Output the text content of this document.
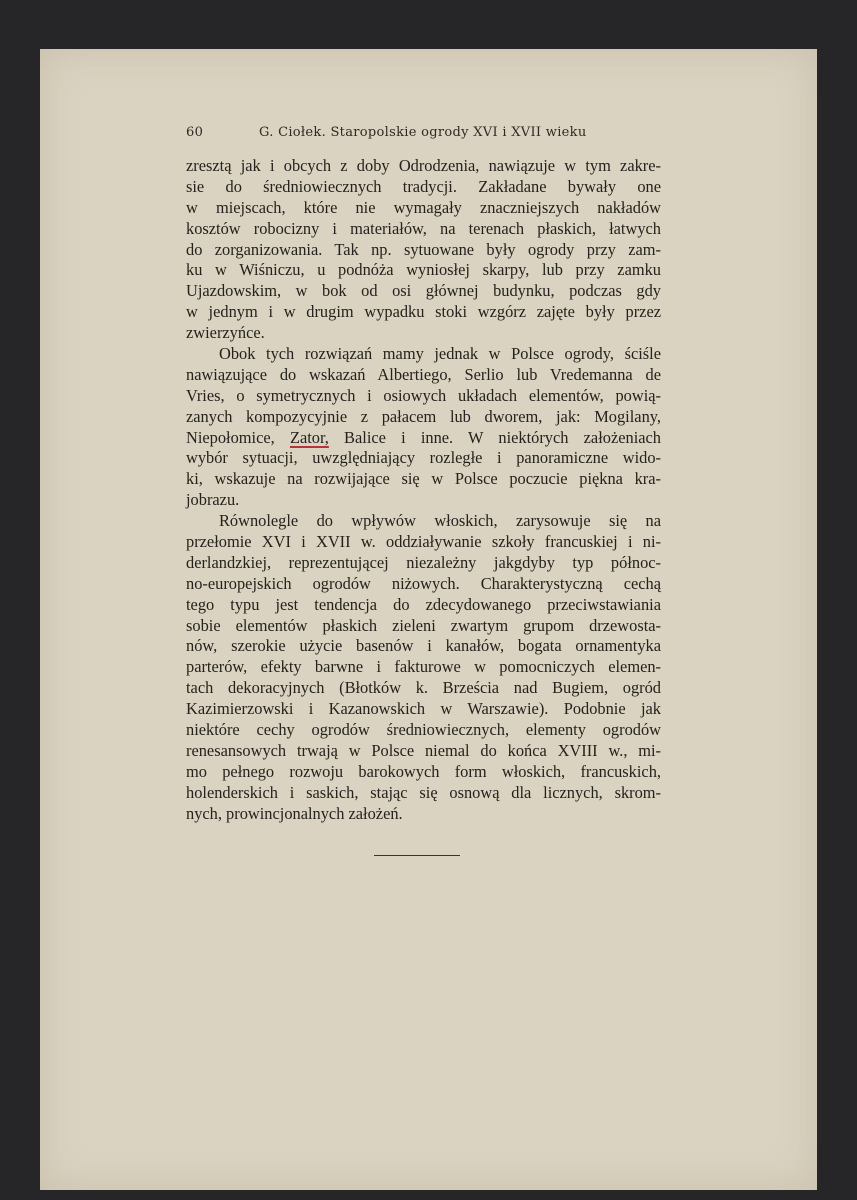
60	G. Ciołek. Staropolskie ogrody XVI i XVII wieku
zresztą jak i obcych z doby Odrodzenia, nawiązuje w tym zakre-
sie do średniowiecznych tradycji. Zakładane bywały one
w miejscach, które nie wymagały znaczniejszych nakładów
kosztów robocizny i materiałów, na terenach płaskich, łatwych
do zorganizowania. Tak np. sytuowane były ogrody przy zam-
ku w Wiśniczu, u podnóża wyniosłej skarpy, lub przy zamku
Ujazdowskim, w bok od osi głównej budynku, podczas gdy
w jednym i w drugim wypadku stoki wzgórz zajęte były przez
zwierzyńce.
Obok tych rozwiązań mamy jednak w Polsce ogrody, ściśle
nawiązujące do wskazań Albertiego, Serlio lub Vredemanna de
Vries, o symetrycznych i osiowych układach elementów, powią-
zanych kompozycyjnie z pałacem lub dworem, jak: Mogilany,
Niepołomice, Zator, Balice i inne. W niektórych założeniach
wybór sytuacji, uwzględniający rozległe i panoramiczne wido-
ki, wskazuje na rozwijające się w Polsce poczucie piękna kra-
jobrazu.
Równolegle do wpływów włoskich, zarysowuje się na
przełomie XVI i XVII w. oddziaływanie szkoły francuskiej i ni-
derlandzkiej, reprezentującej niezależny jakgdyby typ północ-
no-europejskich ogrodów niżowych. Charakterystyczną cechą
tego typu jest tendencja do zdecydowanego przeciwstawiania
sobie elementów płaskich zieleni zwartym grupom drzewosta-
nów, szerokie użycie basenów i kanałów, bogata ornamentyka
parterów, efekty barwne i fakturowe w pomocniczych elemen-
tach dekoracyjnych (Błotków k. Brześcia nad Bugiem, ogród
Kazimierzowski i Kazanowskich w Warszawie). Podobnie jak
niektóre cechy ogrodów średniowiecznych, elementy ogrodów
renesansowych trwają w Polsce niemal do końca XVIII w., mi-
mo pełnego rozwoju barokowych form włoskich, francuskich,
holenderskich i saskich, stając się osnową dla licznych, skrom-
nych, prowincjonalnych założeń.
